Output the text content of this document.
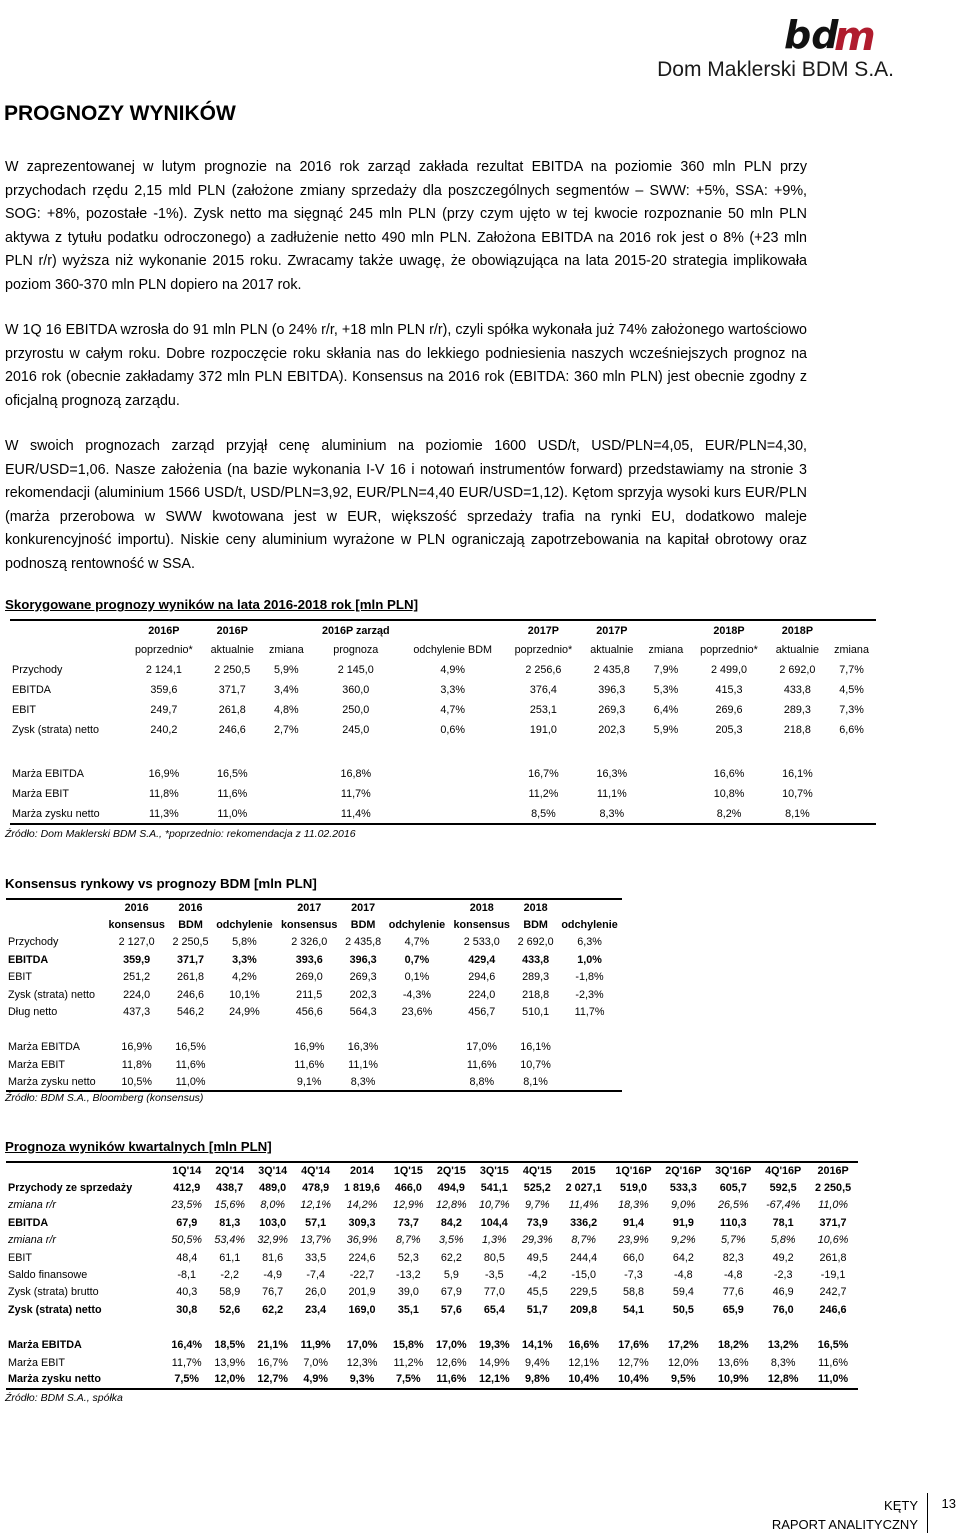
bd
m
Dom Maklerski BDM S.A.
PROGNOZY WYNIKÓW

W zaprezentowanej w lutym prognozie na 2016 rok zarząd zakłada rezultat EBITDA na poziomie 360 mln PLN przy przychodach rzędu 2,15 mld PLN (założone zmiany sprzedaży dla poszczególnych segmentów – SWW: +5%, SSA: +9%, SOG: +8%, pozostałe -1%). Zysk netto ma sięgnąć 245 mln PLN (przy czym ujęto w tej kwocie rozpoznanie 50 mln PLN aktywa z tytułu podatku odroczonego) a zadłużenie netto 490 mln PLN. Założona EBITDA na 2016 rok jest o 8% (+23 mln PLN r/r) wyższa niż wykonanie 2015 roku. Zwracamy także uwagę, że obowiązująca na lata 2015-20 strategia implikowała poziom 360-370 mln PLN dopiero na 2017 rok.

W 1Q 16 EBITDA wzrosła do 91 mln PLN (o 24% r/r, +18 mln PLN r/r), czyli spółka wykonała już 74% założonego wartościowo przyrostu w całym roku. Dobre rozpoczęcie roku skłania nas do lekkiego podniesienia naszych wcześniejszych prognoz na 2016 rok (obecnie zakładamy 372 mln PLN EBITDA). Konsensus na 2016 rok (EBITDA: 360 mln PLN) jest obecnie zgodny z oficjalną prognozą zarządu.

W swoich prognozach zarząd przyjął cenę aluminium na poziomie 1600 USD/t, USD/PLN=4,05, EUR/PLN=4,30, EUR/USD=1,06. Nasze założenia (na bazie wykonania I-V 16 i notowań instrumentów forward) przedstawiamy na stronie 3 rekomendacji (aluminium 1566 USD/t, USD/PLN=3,92, EUR/PLN=4,40 EUR/USD=1,12). Kętom sprzyja wysoki kurs EUR/PLN (marża przerobowa w SWW kwotowana jest w EUR, większość sprzedaży trafia na rynki EU, dodatkowo maleje konkurencyjność importu). Niskie ceny aluminium wyrażone w PLN ograniczają zapotrzebowania na kapitał obrotowy oraz podnoszą rentowność w SSA.

Skorygowane prognozy wyników na lata 2016-2018 rok [mln PLN]
	2016P	2016P		2016P zarząd		2017P	2017P		2018P	2018P	
	poprzednio*	aktualnie	zmiana	prognoza	odchylenie BDM	poprzednio*	aktualnie	zmiana	poprzednio*	aktualnie	zmiana
Przychody	2 124,1	2 250,5	5,9%	2 145,0	4,9%	2 256,6	2 435,8	7,9%	2 499,0	2 692,0	7,7%
EBITDA	359,6	371,7	3,4%	360,0	3,3%	376,4	396,3	5,3%	415,3	433,8	4,5%
EBIT	249,7	261,8	4,8%	250,0	4,7%	253,1	269,3	6,4%	269,6	289,3	7,3%
Zysk (strata) netto	240,2	246,6	2,7%	245,0	0,6%	191,0	202,3	5,9%	205,3	218,8	6,6%

Marża EBITDA	16,9%	16,5%		16,8%		16,7%	16,3%		16,6%	16,1%	
Marża EBIT	11,8%	11,6%		11,7%		11,2%	11,1%		10,8%	10,7%	
Marża zysku netto	11,3%	11,0%		11,4%		8,5%	8,3%		8,2%	8,1%	
Źródło: Dom Maklerski BDM S.A., *poprzednio: rekomendacja z 11.02.2016
Konsensus rynkowy vs prognozy BDM [mln PLN]
	2016	2016		2017	2017		2018	2018	
	konsensus	BDM	odchylenie	konsensus	BDM	odchylenie	konsensus	BDM	odchylenie
Przychody	2 127,0	2 250,5	5,8%	2 326,0	2 435,8	4,7%	2 533,0	2 692,0	6,3%
EBITDA	359,9	371,7	3,3%	393,6	396,3	0,7%	429,4	433,8	1,0%
EBIT	251,2	261,8	4,2%	269,0	269,3	0,1%	294,6	289,3	-1,8%
Zysk (strata) netto	224,0	246,6	10,1%	211,5	202,3	-4,3%	224,0	218,8	-2,3%
Dług netto	437,3	546,2	24,9%	456,6	564,3	23,6%	456,7	510,1	11,7%

Marża EBITDA	16,9%	16,5%		16,9%	16,3%		17,0%	16,1%	
Marża EBIT	11,8%	11,6%		11,6%	11,1%		11,6%	10,7%	
Marża zysku netto	10,5%	11,0%		9,1%	8,3%		8,8%	8,1%	
Źródło: BDM S.A., Bloomberg (konsensus)
Prognoza wyników kwartalnych [mln PLN]
	1Q'14	2Q'14	3Q'14	4Q'14	2014	1Q'15	2Q'15	3Q'15	4Q'15	2015	1Q'16P	2Q'16P	3Q'16P	4Q'16P	2016P
Przychody ze sprzedaży	412,9	438,7	489,0	478,9	1 819,6	466,0	494,9	541,1	525,2	2 027,1	519,0	533,3	605,7	592,5	2 250,5
zmiana r/r	23,5%	15,6%	8,0%	12,1%	14,2%	12,9%	12,8%	10,7%	9,7%	11,4%	18,3%	9,0%	26,5%	-67,4%	11,0%
EBITDA	67,9	81,3	103,0	57,1	309,3	73,7	84,2	104,4	73,9	336,2	91,4	91,9	110,3	78,1	371,7
zmiana r/r	50,5%	53,4%	32,9%	13,7%	36,9%	8,7%	3,5%	1,3%	29,3%	8,7%	23,9%	9,2%	5,7%	5,8%	10,6%
EBIT	48,4	61,1	81,6	33,5	224,6	52,3	62,2	80,5	49,5	244,4	66,0	64,2	82,3	49,2	261,8
Saldo finansowe	-8,1	-2,2	-4,9	-7,4	-22,7	-13,2	5,9	-3,5	-4,2	-15,0	-7,3	-4,8	-4,8	-2,3	-19,1
Zysk (strata) brutto	40,3	58,9	76,7	26,0	201,9	39,0	67,9	77,0	45,5	229,5	58,8	59,4	77,6	46,9	242,7
Zysk (strata) netto	30,8	52,6	62,2	23,4	169,0	35,1	57,6	65,4	51,7	209,8	54,1	50,5	65,9	76,0	246,6

Marża EBITDA	16,4%	18,5%	21,1%	11,9%	17,0%	15,8%	17,0%	19,3%	14,1%	16,6%	17,6%	17,2%	18,2%	13,2%	16,5%
Marża EBIT	11,7%	13,9%	16,7%	7,0%	12,3%	11,2%	12,6%	14,9%	9,4%	12,1%	12,7%	12,0%	13,6%	8,3%	11,6%
Marża zysku netto	7,5%	12,0%	12,7%	4,9%	9,3%	7,5%	11,6%	12,1%	9,8%	10,4%	10,4%	9,5%	10,9%	12,8%	11,0%
Źródło: BDM S.A., spółka
KĘTY
RAPORT ANALITYCZNY
13
